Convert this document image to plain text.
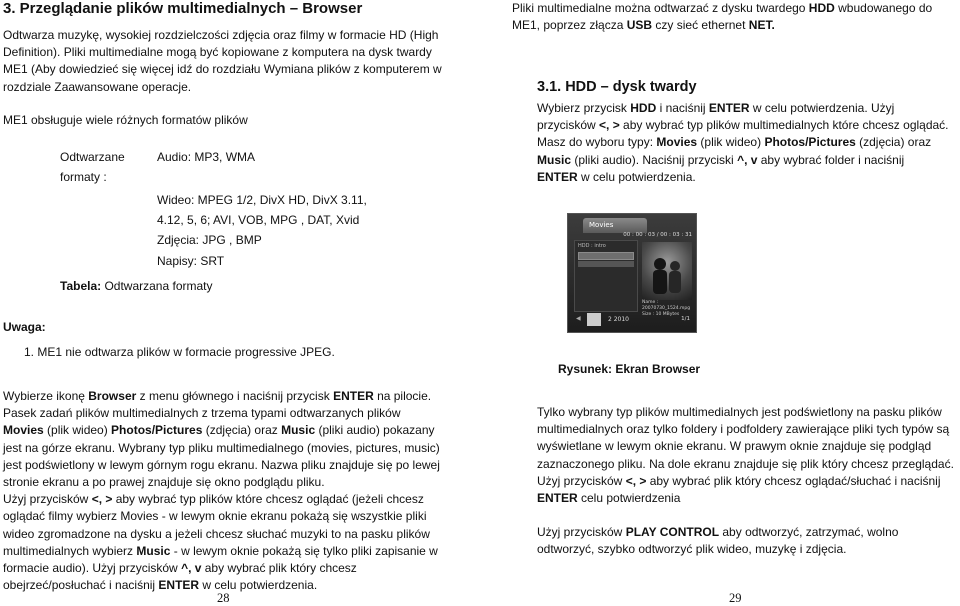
3. Przeglądanie plików multimedialnych – Browser
Odtwarza muzykę, wysokiej rozdzielczości zdjęcia oraz filmy w formacie HD (High
Definition). Pliki multimedialne mogą być kopiowane z komputera na dysk twardy
ME1 (Aby dowiedzieć się więcej idź do rozdziału Wymiana plików z komputerem w
rozdziale Zaawansowane operacje.
ME1 obsługuje wiele różnych formatów plików
Odtwarzane
formaty :
Audio: MP3, WMA
Wideo: MPEG 1/2, DivX HD, DivX 3.11,
4.12, 5, 6; AVI, VOB, MPG , DAT, Xvid
Zdjęcia: JPG , BMP
Napisy: SRT
Tabela: Odtwarzana formaty
Uwaga:
1. ME1 nie odtwarza plików w formacie progressive JPEG.
Wybierze ikonę Browser z menu głównego i naciśnij przycisk ENTER na pilocie.
Pasek zadań plików multimedialnych z trzema typami odtwarzanych plików
Movies (plik wideo) Photos/Pictures (zdjęcia) oraz Music (pliki audio) pokazany
jest na górze ekranu. Wybrany typ pliku multimedialnego (movies, pictures, music)
jest podświetlony w lewym górnym rogu ekranu. Nazwa pliku znajduje się po lewej
stronie ekranu a po prawej znajduje się okno podglądu pliku.
Użyj przycisków <, > aby wybrać typ plików które chcesz oglądać (jeżeli chcesz
oglądać filmy wybierz Movies - w lewym oknie ekranu pokażą się wszystkie pliki
wideo zgromadzone na dysku a jeżeli chcesz słuchać muzyki to na pasku plików
multimedialnych wybierz Music - w lewym oknie pokażą się tylko pliki zapisanie w
formacie audio). Użyj przycisków ^, v aby wybrać plik który chcesz
obejrzeć/posłuchać i naciśnij ENTER w celu potwierdzenia.
28
Pliki multimedialne można odtwarzać z dysku twardego HDD wbudowanego do
ME1, poprzez złącza USB czy sieć ethernet NET.
3.1. HDD – dysk twardy
Wybierz przycisk HDD i naciśnij ENTER w celu potwierdzenia. Użyj
przycisków <, > aby wybrać typ plików multimedialnych które chcesz oglądać.
Masz do wyboru typy: Movies (plik wideo) Photos/Pictures (zdjęcia) oraz
Music (pliki audio). Naciśnij przyciski ^, v aby wybrać folder i naciśnij
ENTER w celu potwierdzenia.
Movies
00 : 00 : 03 / 00 : 03 : 31
HDD : intro
Name : 20070730_1524.mpg
Size : 10 MBytes
◀	2 2010	1/1
Rysunek: Ekran Browser
Tylko wybrany typ plików multimedialnych jest podświetlony na pasku plików
multimedialnych oraz tylko foldery i podfoldery zawierające pliki tych typów są
wyświetlane w lewym oknie ekranu. W prawym oknie znajduje się podgląd
zaznaczonego pliku. Na dole ekranu znajduje się plik który chcesz przeglądać.
Użyj przycisków <, > aby wybrać plik który chcesz oglądać/słuchać i naciśnij
ENTER celu potwierdzenia
Użyj przycisków PLAY CONTROL aby odtworzyć, zatrzymać, wolno
odtworzyć, szybko odtworzyć plik wideo, muzykę i zdjęcia.
29
